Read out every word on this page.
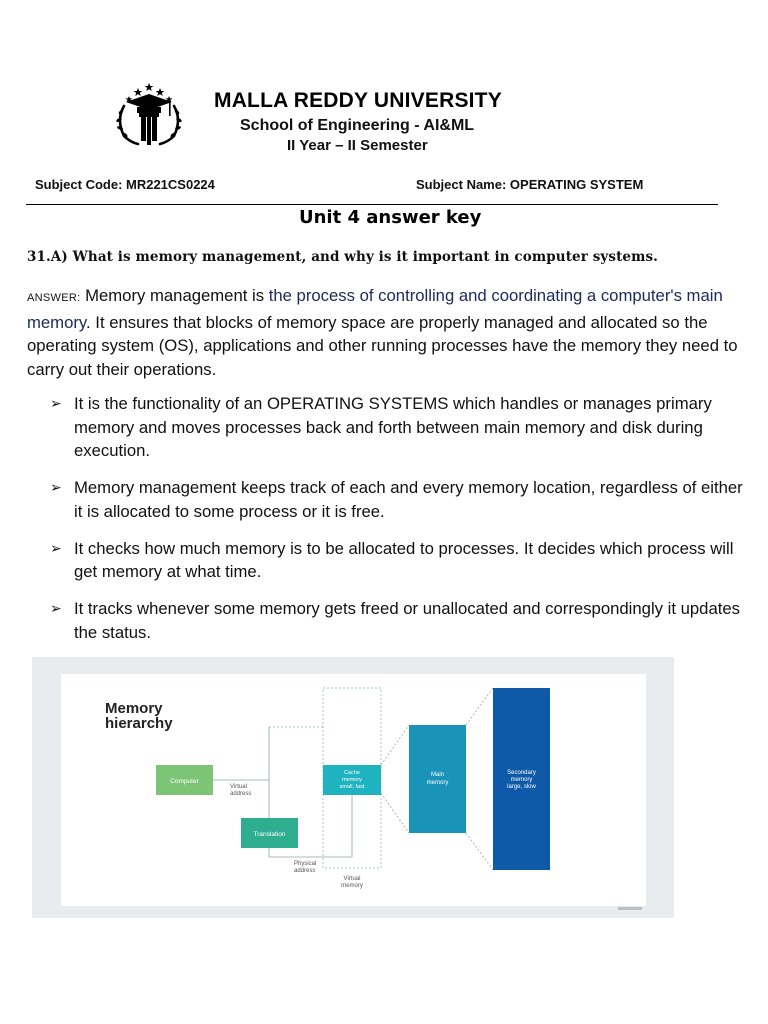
MALLA REDDY UNIVERSITY
School of Engineering - AI&ML
II Year – II Semester
Subject Code: MR221CS0224	Subject Name: OPERATING SYSTEM
Unit 4 answer key
31.A) What is memory management, and why is it important in computer systems.
ANSWER: Memory management is the process of controlling and coordinating a computer's main memory. It ensures that blocks of memory space are properly managed and allocated so the operating system (OS), applications and other running processes have the memory they need to carry out their operations.
➢ It is the functionality of an OPERATING SYSTEMS which handles or manages primary memory and moves processes back and forth between main memory and disk during execution.
➢ Memory management keeps track of each and every memory location, regardless of either it is allocated to some process or it is free.
➢ It checks how much memory is to be allocated to processes. It decides which process will get memory at what time.
➢ It tracks whenever some memory gets freed or unallocated and correspondingly it updates the status.
Memory
hierarchy
Computer
Virtual
address
Translation
Physical
address
Cache
memory
small, fast
Main
memory
Secondary
memory
large, slow
Virtual
memory
